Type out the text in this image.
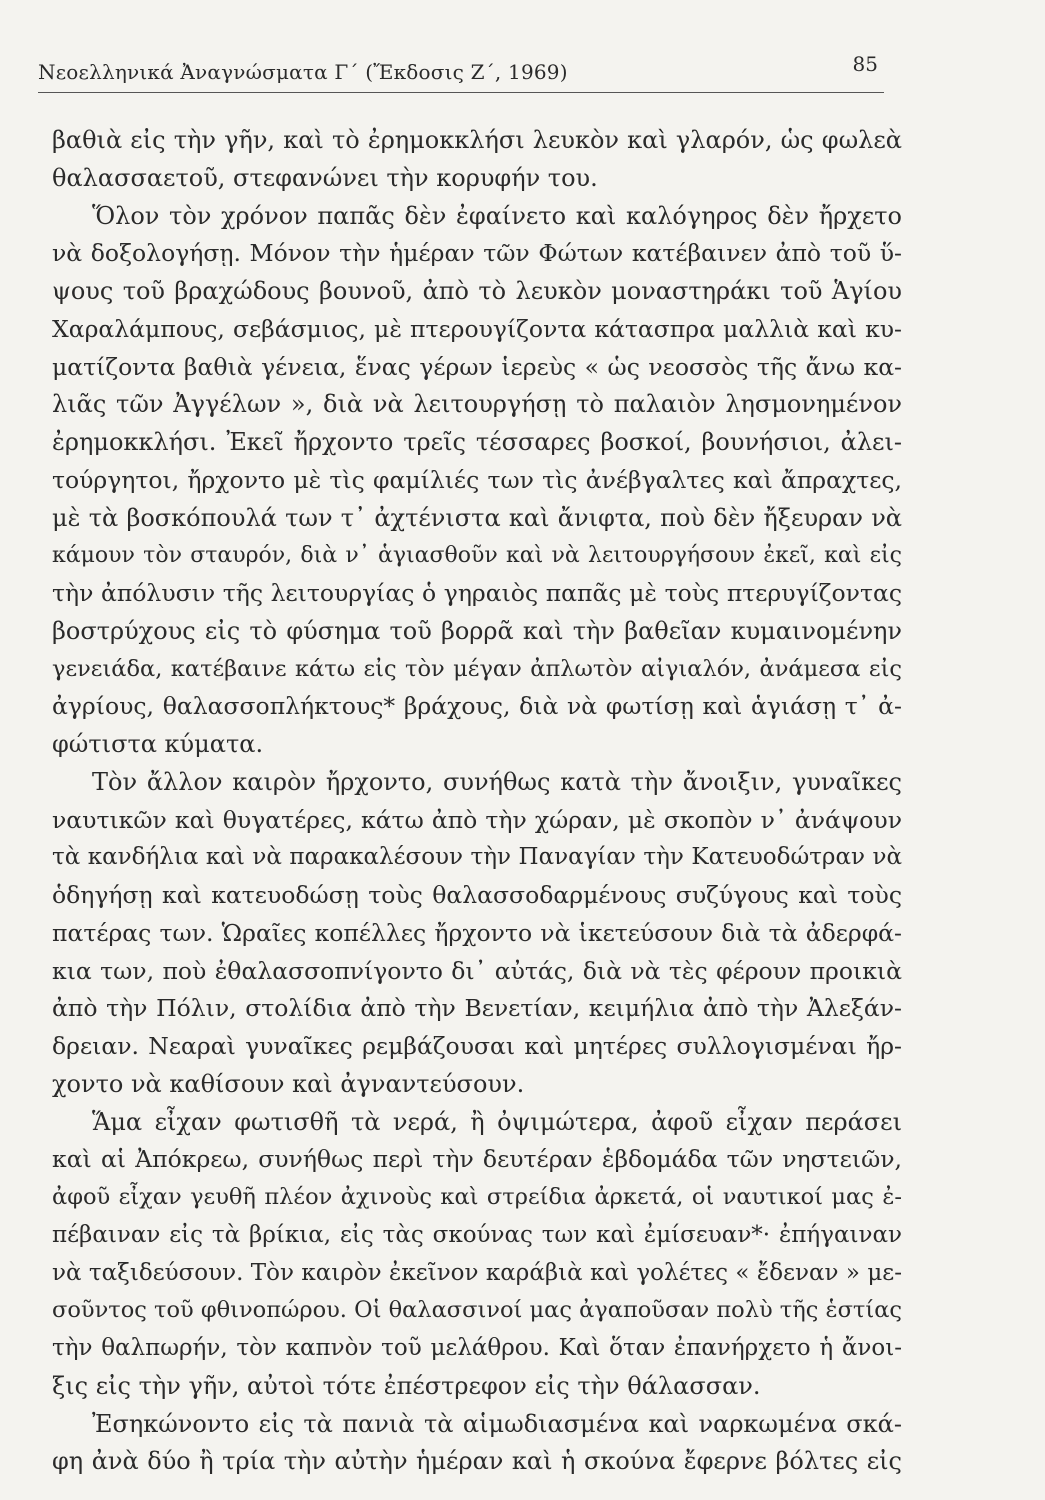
Νεοελληνικά Ἀναγνώσματα Γ΄ (Ἔκδοσις Ζ΄, 1969)	85
βαθιὰ εἰς τὴν γῆν, καὶ τὸ ἐρημοκκλήσι λευκὸν καὶ γλαρόν, ὡς φωλεὰ
θαλασσαετοῦ, στεφανώνει τὴν κορυφήν του.
Ὅλον τὸν χρόνον παπᾶς δὲν ἐφαίνετο καὶ καλόγηρος δὲν ἤρχετο
νὰ δοξολογήσῃ. Μόνον τὴν ἡμέραν τῶν Φώτων κατέβαινεν ἀπὸ τοῦ ὕ-
ψους τοῦ βραχώδους βουνοῦ, ἀπὸ τὸ λευκὸν μοναστηράκι τοῦ Ἁγίου
Χαραλάμπους, σεβάσμιος, μὲ πτερουγίζοντα κάτασπρα μαλλιὰ καὶ κυ-
ματίζοντα βαθιὰ γένεια, ἕνας γέρων ἱερεὺς « ὡς νεοσσὸς τῆς ἄνω κα-
λιᾶς τῶν Ἀγγέλων », διὰ νὰ λειτουργήσῃ τὸ παλαιὸν λησμονημένον
ἐρημοκκλήσι. Ἐκεῖ ἤρχοντο τρεῖς τέσσαρες βοσκοί, βουνήσιοι, ἀλει-
τούργητοι, ἤρχοντο μὲ τὶς φαμίλιές των τὶς ἀνέβγαλτες καὶ ἄπραχτες,
μὲ τὰ βοσκόπουλά των τ᾿ ἀχτένιστα καὶ ἄνιφτα, ποὺ δὲν ἤξευραν νὰ
κάμουν τὸν σταυρόν, διὰ ν᾿ ἁγιασθοῦν καὶ νὰ λειτουργήσουν ἐκεῖ, καὶ εἰς
τὴν ἀπόλυσιν τῆς λειτουργίας ὁ γηραιὸς παπᾶς μὲ τοὺς πτερυγίζοντας
βοστρύχους εἰς τὸ φύσημα τοῦ βορρᾶ καὶ τὴν βαθεῖαν κυμαινομένην
γενειάδα, κατέβαινε κάτω εἰς τὸν μέγαν ἀπλωτὸν αἰγιαλόν, ἀνάμεσα εἰς
ἀγρίους, θαλασσοπλήκτους* βράχους, διὰ νὰ φωτίσῃ καὶ ἁγιάσῃ τ᾿ ἀ-
φώτιστα κύματα.
Τὸν ἄλλον καιρὸν ἤρχοντο, συνήθως κατὰ τὴν ἄνοιξιν, γυναῖκες
ναυτικῶν καὶ θυγατέρες, κάτω ἀπὸ τὴν χώραν, μὲ σκοπὸν ν᾿ ἀνάψουν
τὰ κανδήλια καὶ νὰ παρακαλέσουν τὴν Παναγίαν τὴν Κατευοδώτραν νὰ
ὁδηγήσῃ καὶ κατευοδώσῃ τοὺς θαλασσοδαρμένους συζύγους καὶ τοὺς
πατέρας των. Ὡραῖες κοπέλλες ἤρχοντο νὰ ἱκετεύσουν διὰ τὰ ἀδερφά-
κια των, ποὺ ἐθαλασσοπνίγοντο δι᾿ αὐτάς, διὰ νὰ τὲς φέρουν προικιὰ
ἀπὸ τὴν Πόλιν, στολίδια ἀπὸ τὴν Βενετίαν, κειμήλια ἀπὸ τὴν Ἀλεξάν-
δρειαν. Νεαραὶ γυναῖκες ρεμβάζουσαι καὶ μητέρες συλλογισμέναι ἤρ-
χοντο νὰ καθίσουν καὶ ἀγναντεύσουν.
Ἅμα εἶχαν φωτισθῆ τὰ νερά, ἢ ὀψιμώτερα, ἀφοῦ εἶχαν περάσει
καὶ αἱ Ἀπόκρεω, συνήθως περὶ τὴν δευτέραν ἑβδομάδα τῶν νηστειῶν,
ἀφοῦ εἶχαν γευθῆ πλέον ἀχινοὺς καὶ στρείδια ἀρκετά, οἱ ναυτικοί μας ἐ-
πέβαιναν εἰς τὰ βρίκια, εἰς τὰς σκούνας των καὶ ἐμίσευαν*· ἐπήγαιναν
νὰ ταξιδεύσουν. Τὸν καιρὸν ἐκεῖνον καράβιὰ καὶ γολέτες « ἔδεναν » με-
σοῦντος τοῦ φθινοπώρου. Οἱ θαλασσινοί μας ἀγαποῦσαν πολὺ τῆς ἑστίας
τὴν θαλπωρήν, τὸν καπνὸν τοῦ μελάθρου. Καὶ ὅταν ἐπανήρχετο ἡ ἄνοι-
ξις εἰς τὴν γῆν, αὐτοὶ τότε ἐπέστρεφον εἰς τὴν θάλασσαν.
Ἐσηκώνοντο εἰς τὰ πανιὰ τὰ αἱμωδιασμένα καὶ ναρκωμένα σκά-
φη ἀνὰ δύο ἢ τρία τὴν αὐτὴν ἡμέραν καὶ ἡ σκούνα ἔφερνε βόλτες εἰς
